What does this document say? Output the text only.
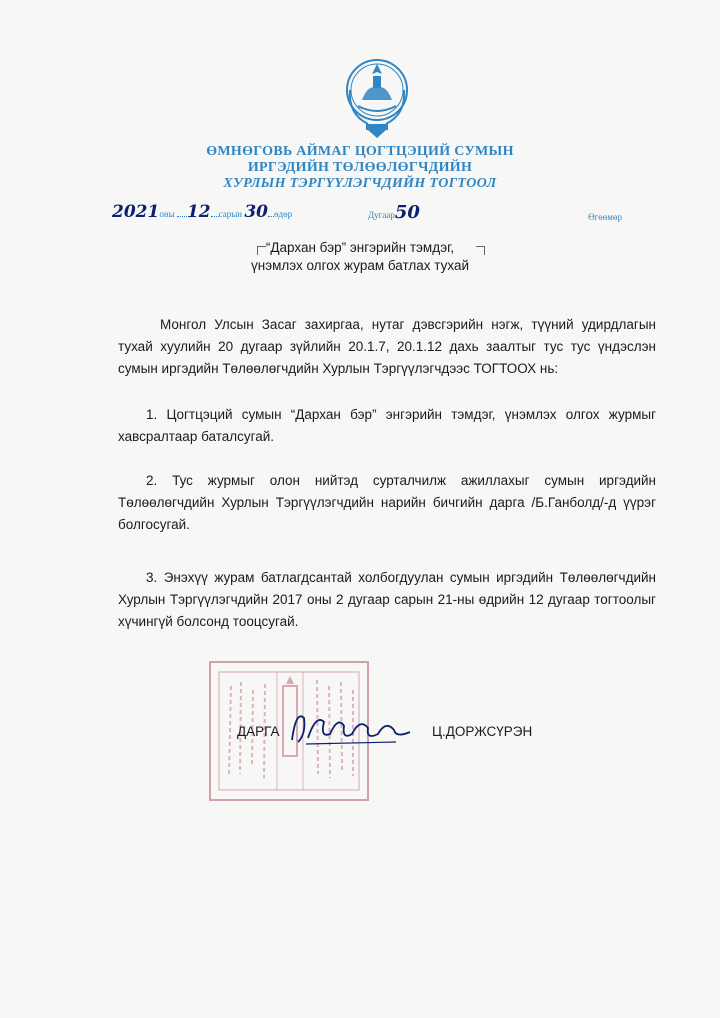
ӨМНӨГОВЬ АЙМАГ ЦОГТЦЭЦИЙ СУМЫН
ИРГЭДИЙН ТӨЛӨӨЛӨГЧДИЙН
ХУРЛЫН ТЭРГҮҮЛЭГЧДИЙН ТОГТООЛ
2021оны 12 сарын 30 өдөр	Дугаар50	Өгөөмөр
“Дархан бэр” энгэрийн тэмдэг,
үнэмлэх олгох журам батлах тухай
Монгол Улсын Засаг захиргаа, нутаг дэвсгэрийн нэгж, түүний удирдлагын тухай хуулийн 20 дугаар зүйлийн 20.1.7, 20.1.12 дахь заалтыг тус тус үндэслэн сумын иргэдийн Төлөөлөгчдийн Хурлын Тэргүүлэгчдээс ТОГТООХ нь:
1. Цогтцэций сумын “Дархан бэр” энгэрийн тэмдэг, үнэмлэх олгох журмыг хавсралтаар баталсугай.
2. Тус журмыг олон нийтэд сурталчилж ажиллахыг сумын иргэдийн Төлөөлөгчдийн Хурлын Тэргүүлэгчдийн нарийн бичгийн дарга /Б.Ганболд/-д үүрэг болгосугай.
3. Энэхүү журам батлагдсантай холбогдуулан сумын иргэдийн Төлөөлөгчдийн Хурлын Тэргүүлэгчдийн 2017 оны 2 дугаар сарын 21-ны өдрийн 12 дугаар тогтоолыг хүчингүй болсонд тооцсугай.
ДАРГА	Ц.ДОРЖСҮРЭН
